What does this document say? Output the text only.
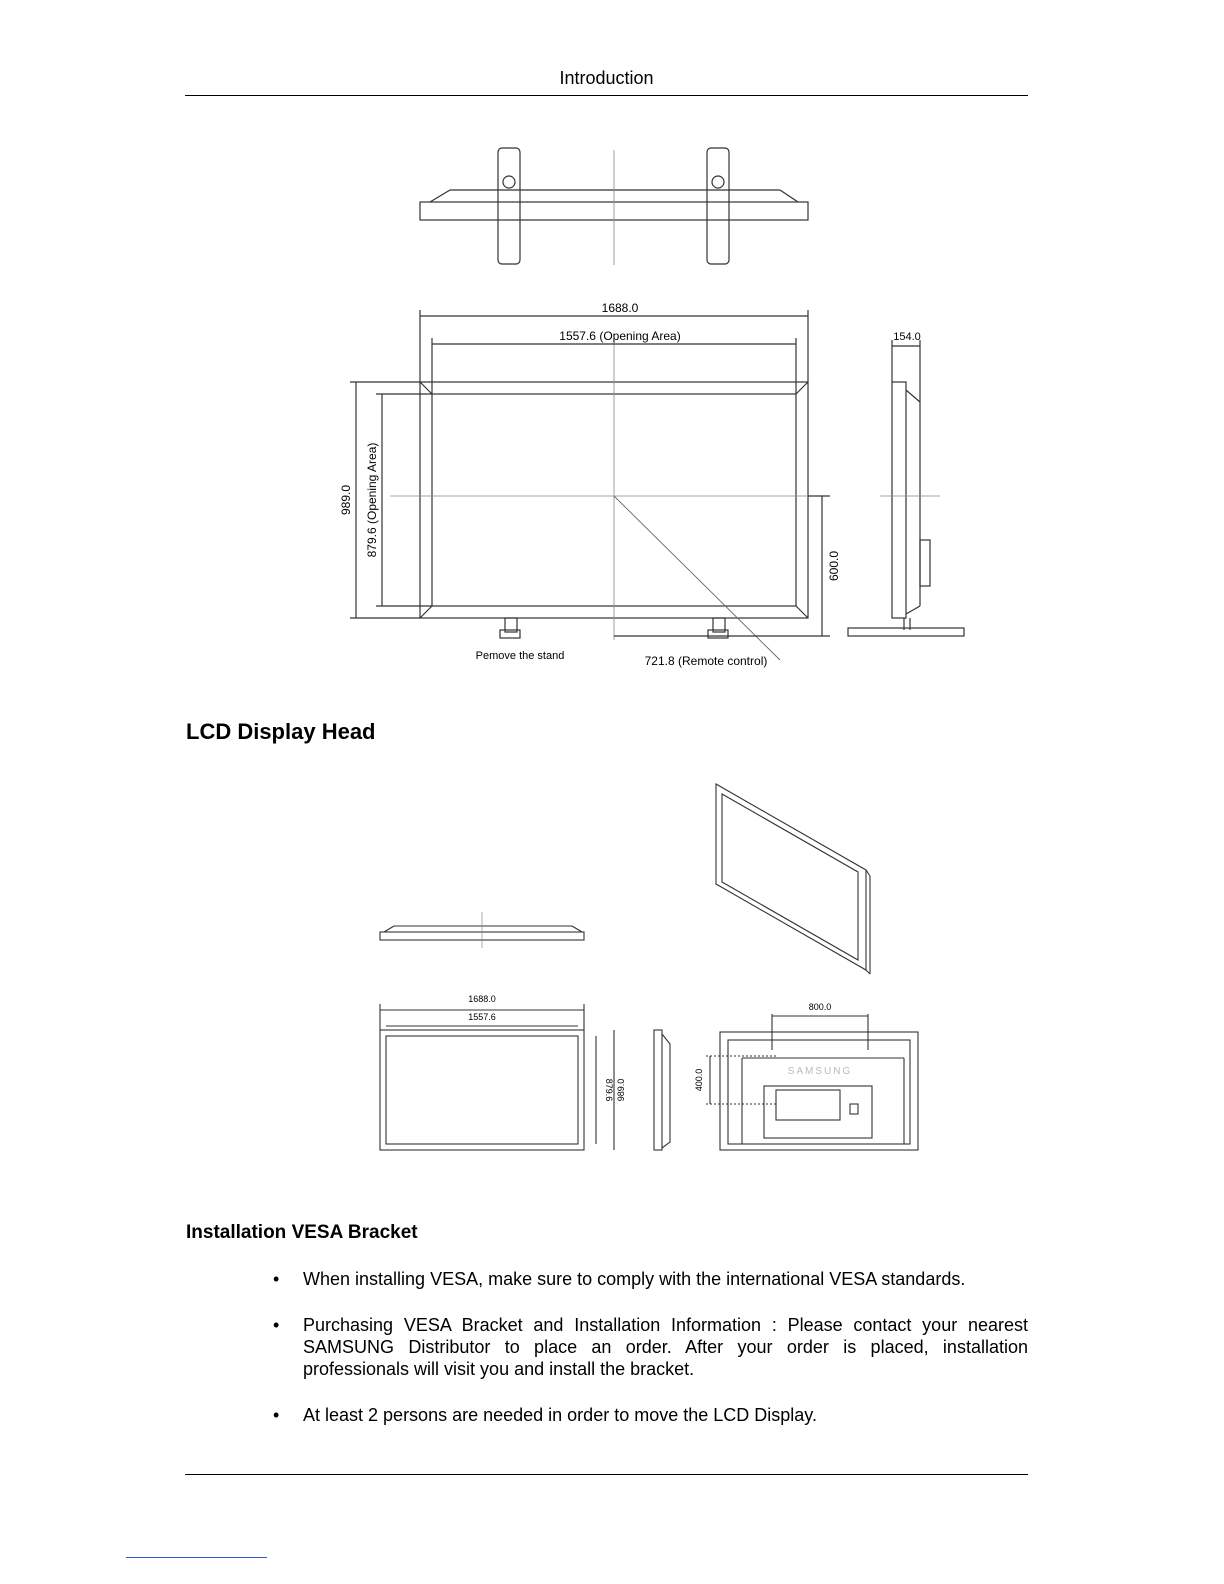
Introduction
1688.0
1557.6 (Opening Area)	154.0
989.0 879.6 (Opening Area)
600.0
Pemove the stand	721.8 (Remote control)
LCD Display Head
1688.0
1557.6
879.6 989.0
800.0
400.0	SAMSUNG
Installation VESA Bracket
• When installing VESA, make sure to comply with the international VESA standards.
• Purchasing VESA Bracket and Installation Information : Please contact your nearest SAMSUNG Distributor to place an order. After your order is placed, installation professionals will visit you and install the bracket.
• At least 2 persons are needed in order to move the LCD Display.
